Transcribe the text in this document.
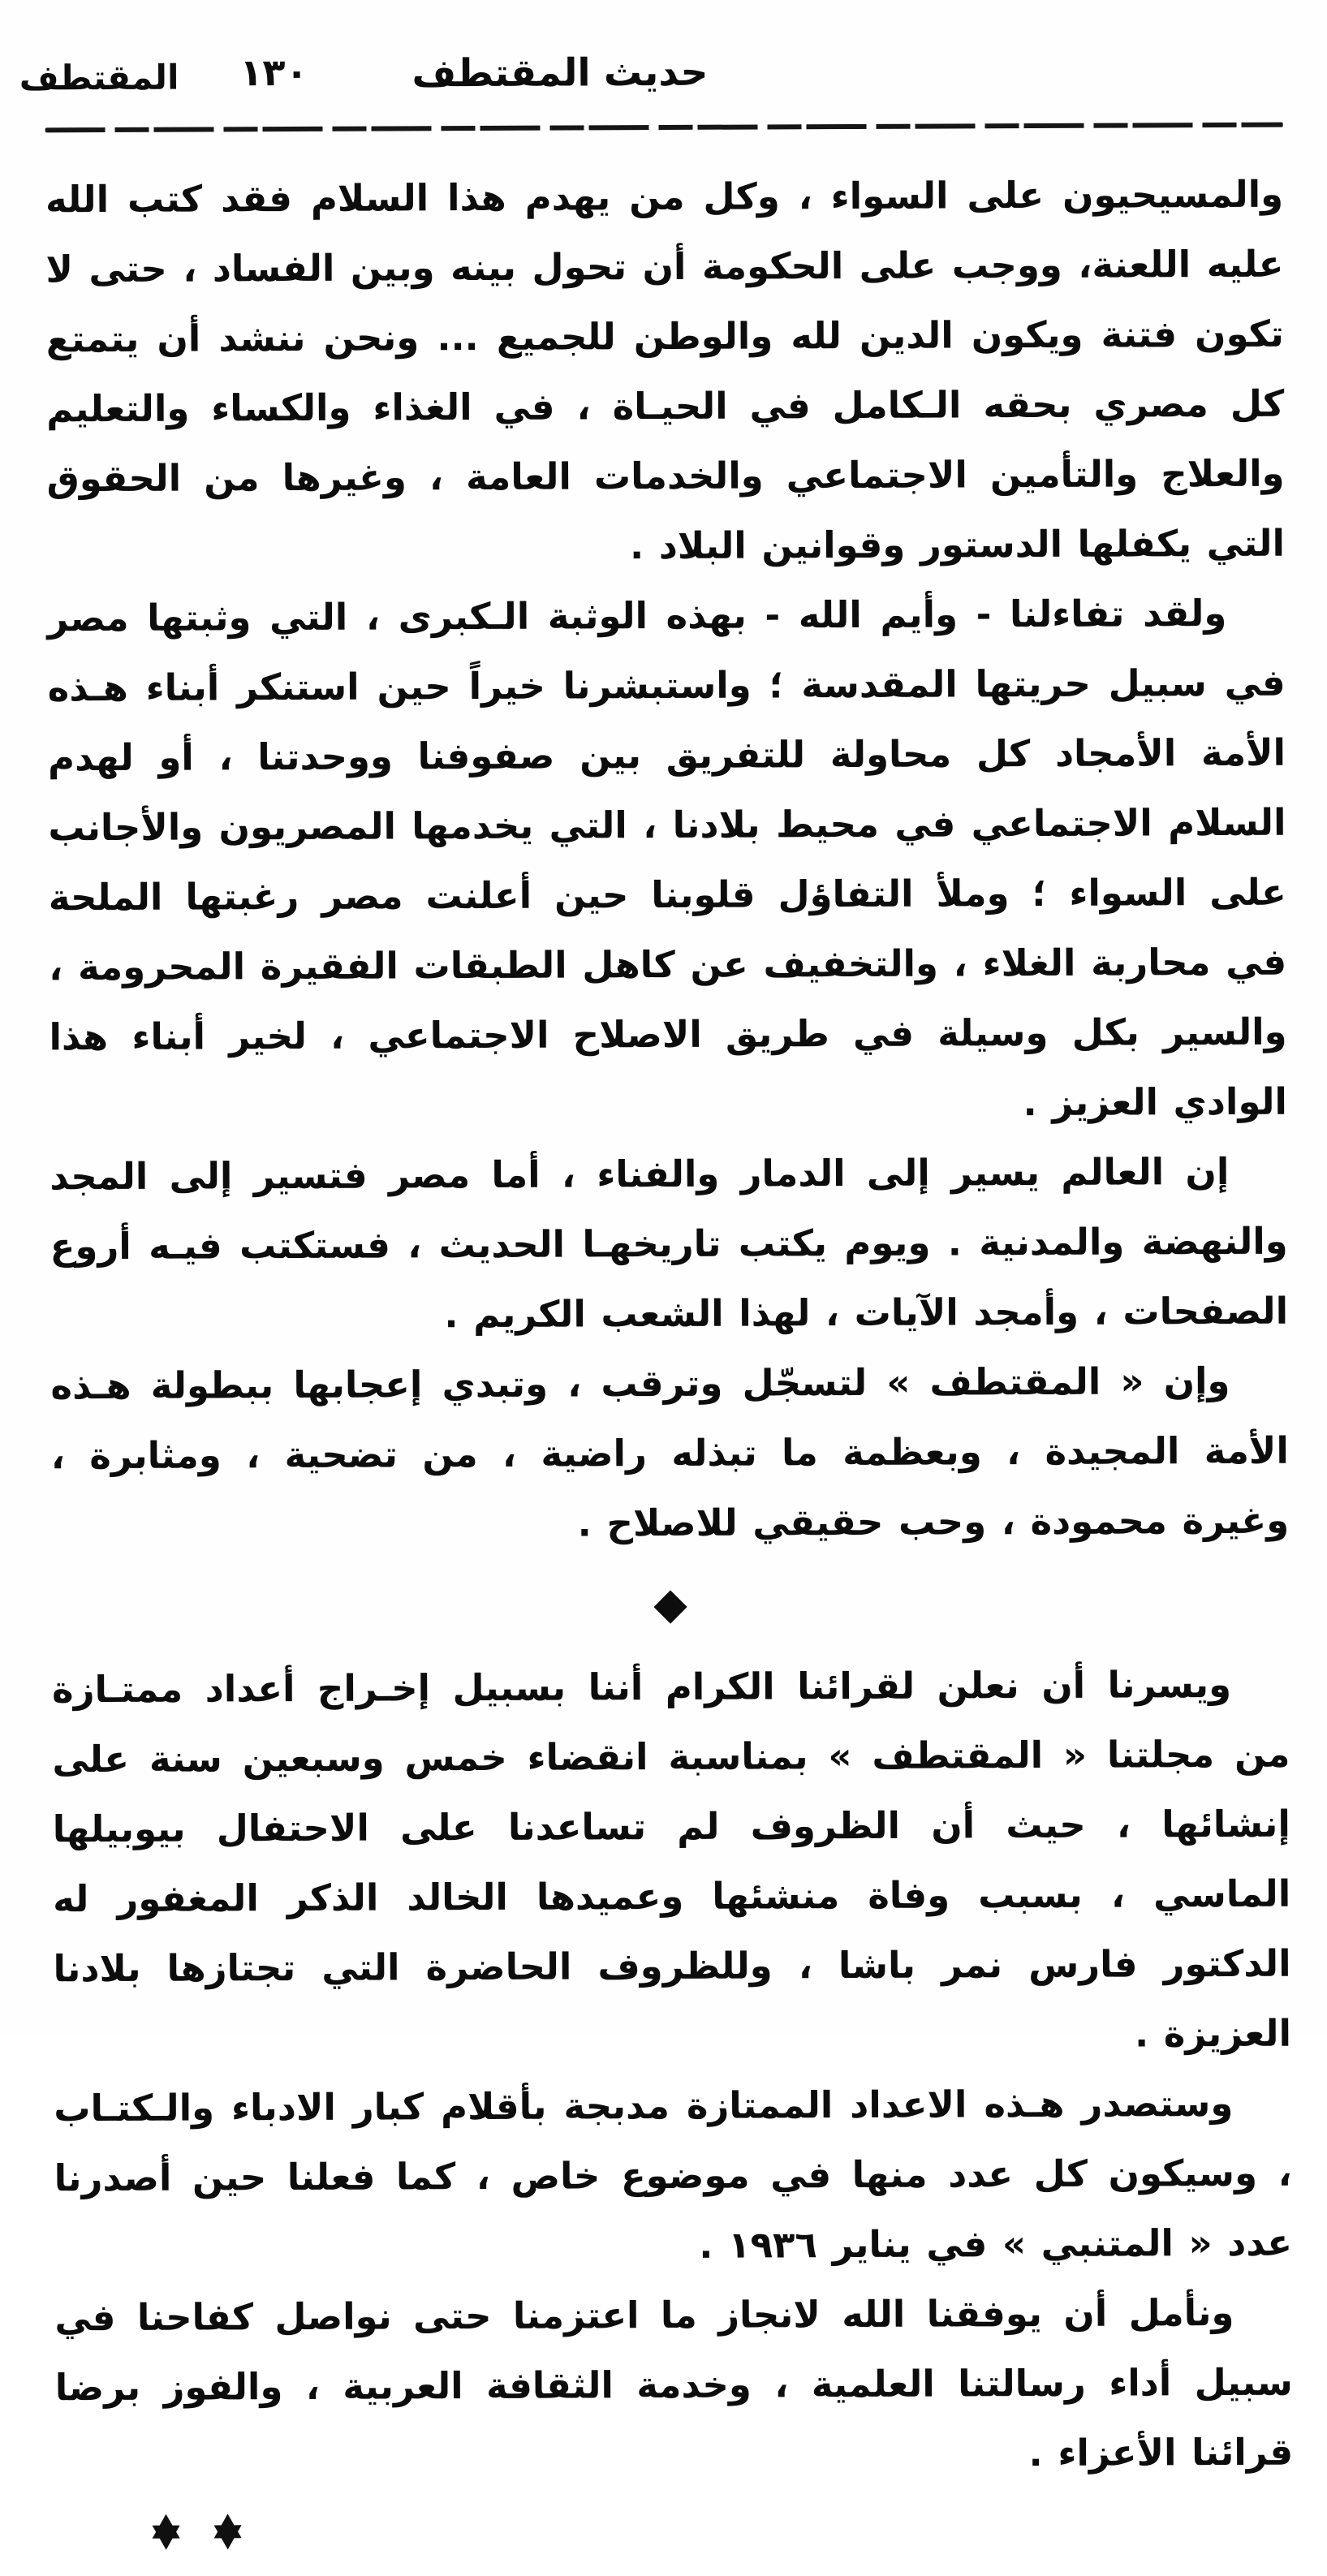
١٣٠	حديث المقتطف
المقتطف

والمسيحيون على السواء ، وكل من يهدم هذا السلام فقد كتب الله عليه اللعنة، ووجب على الحكومة أن تحول بينه وبين الفساد ، حتى لا تكون فتنة ويكون الدين لله والوطن للجميع ... ونحن ننشد أن يتمتع كل مصري بحقه الـكامل في الحيـاة ، في الغذاء والكساء والتعليم والعلاج والتأمين الاجتماعي والخدمات العامة ، وغيرها من الحقوق التي يكفلها الدستور وقوانين البلاد .

ولقد تفاءلنا - وأيم الله - بهذه الوثبة الـكبرى ، التي وثبتها مصر في سبيل حريتها المقدسة ؛ واستبشرنا خيراً حين استنكر أبناء هـذه الأمة الأمجاد كل محاولة للتفريق بين صفوفنا ووحدتنا ، أو لهدم السلام الاجتماعي في محيط بلادنا ، التي يخدمها المصريون والأجانب على السواء ؛ وملأ التفاؤل قلوبنا حين أعلنت مصر رغبتها الملحة في محاربة الغلاء ، والتخفيف عن كاهل الطبقات الفقيرة المحرومة ، والسير بكل وسيلة في طريق الاصلاح الاجتماعي ، لخير أبناء هذا الوادي العزيز .

إن العالم يسير إلى الدمار والفناء ، أما مصر فتسير إلى المجد والنهضة والمدنية . ويوم يكتب تاريخهـا الحديث ، فستكتب فيـه أروع الصفحات ، وأمجد الآيات ، لهذا الشعب الكريم .

وإن « المقتطف » لتسجّل وترقب ، وتبدي إعجابها ببطولة هـذه الأمة المجيدة ، وبعظمة ما تبذله راضية ، من تضحية ، ومثابرة ، وغيرة محمودة ، وحب حقيقي للاصلاح .

◆

ويسرنا أن نعلن لقرائنا الكرام أننا بسبيل إخـراج أعداد ممتـازة من مجلتنا « المقتطف » بمناسبة انقضاء خمس وسبعين سنة على إنشائها ، حيث أن الظروف لم تساعدنا على الاحتفال بيوبيلها الماسي ، بسبب وفاة منشئها وعميدها الخالد الذكر المغفور له الدكتور فارس نمر باشا ، وللظروف الحاضرة التي تجتازها بلادنا العزيزة .

وستصدر هـذه الاعداد الممتازة مدبجة بأقلام كبار الادباء والـكتـاب ، وسيكون كل عدد منها في موضوع خاص ، كما فعلنا حين أصدرنا عدد « المتنبي » في يناير ١٩٣٦ .

ونأمل أن يوفقنا الله لانجاز ما اعتزمنا حتى نواصل كفاحنا في سبيل أداء رسالتنا العلمية ، وخدمة الثقافة العربية ، والفوز برضا قرائنا الأعزاء .
